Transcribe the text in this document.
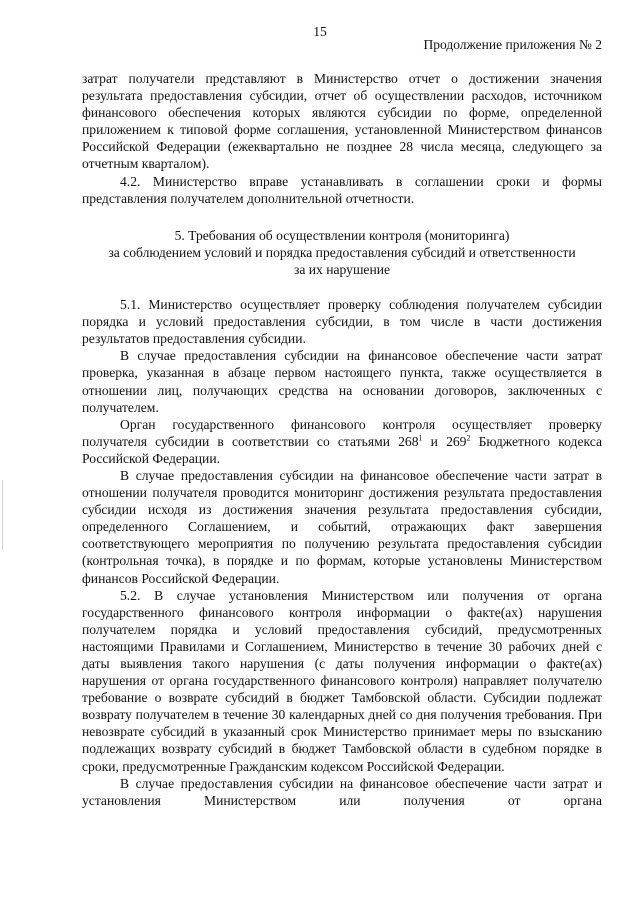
15
Продолжение приложения № 2

затрат получатели представляют в Министерство отчет о достижении значения результата предоставления субсидии, отчет об осуществлении расходов, источником финансового обеспечения которых являются субсидии по форме, определенной приложением к типовой форме соглашения, установленной Министерством финансов Российской Федерации (ежеквартально не позднее 28 числа месяца, следующего за отчетным кварталом).

4.2. Министерство вправе устанавливать в соглашении сроки и формы представления получателем дополнительной отчетности.

5. Требования об осуществлении контроля (мониторинга)
за соблюдением условий и порядка предоставления субсидий и ответственности
за их нарушение

5.1. Министерство осуществляет проверку соблюдения получателем субсидии порядка и условий предоставления субсидии, в том числе в части достижения результатов предоставления субсидии.

В случае предоставления субсидии на финансовое обеспечение части затрат проверка, указанная в абзаце первом настоящего пункта, также осуществляется в отношении лиц, получающих средства на основании договоров, заключенных с получателем.

Орган государственного финансового контроля осуществляет проверку получателя субсидии в соответствии со статьями $268^1$ и $269^2$ Бюджетного кодекса Российской Федерации.

В случае предоставления субсидии на финансовое обеспечение части затрат в отношении получателя проводится мониторинг достижения результата предоставления субсидии исходя из достижения значения результата предоставления субсидии, определенного Соглашением, и событий, отражающих факт завершения соответствующего мероприятия по получению результата предоставления субсидии (контрольная точка), в порядке и по формам, которые установлены Министерством финансов Российской Федерации.

5.2. В случае установления Министерством или получения от органа государственного финансового контроля информации о факте(ах) нарушения получателем порядка и условий предоставления субсидий, предусмотренных настоящими Правилами и Соглашением, Министерство в течение 30 рабочих дней с даты выявления такого нарушения (с даты получения информации о факте(ах) нарушения от органа государственного финансового контроля) направляет получателю требование о возврате субсидий в бюджет Тамбовской области. Субсидии подлежат возврату получателем в течение 30 календарных дней со дня получения требования. При невозврате субсидий в указанный срок Министерство принимает меры по взысканию подлежащих возврату субсидий в бюджет Тамбовской области в судебном порядке в сроки, предусмотренные Гражданским кодексом Российской Федерации.

В случае предоставления субсидии на финансовое обеспечение части затрат и установления Министерством или получения от органа
